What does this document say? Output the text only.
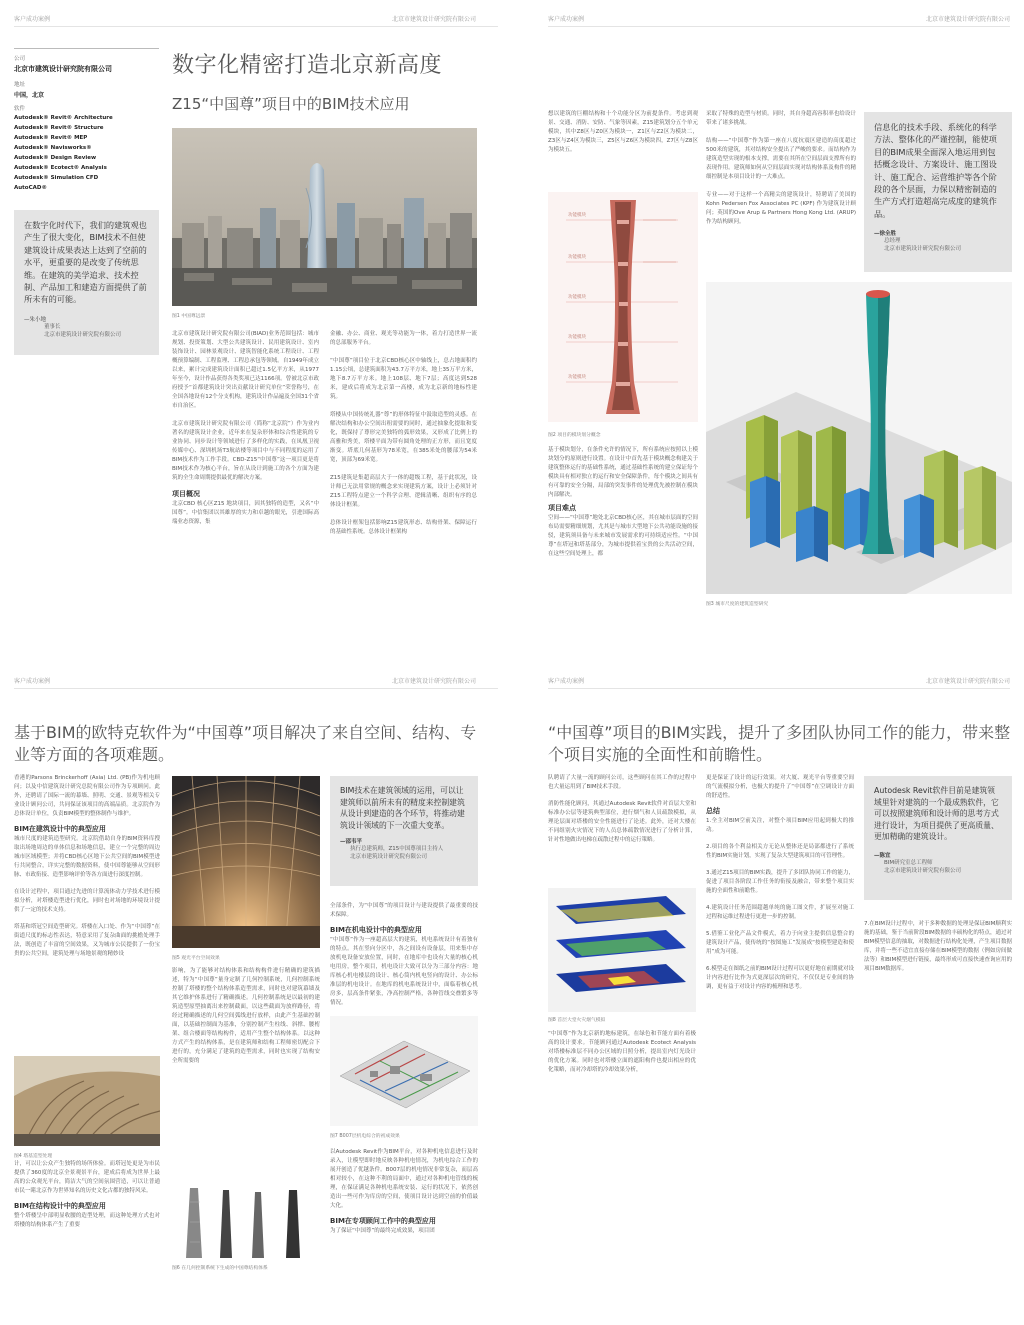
客户成功案例	北京市建筑设计研究院有限公司
公司
北京市建筑设计研究院有限公司
地址
中国，北京
软件
Autodesk® Revit® Architecture
Autodesk® Revit® Structure
Autodesk® Revit® MEP
Autodesk® Navisworks®
Autodesk® Design Review
Autodesk® Ecotect® Analysis
Autodesk® Simulation CFD
AutoCAD®
在数字化时代下，我们的建筑观也产生了很大变化，BIM技术不但使建筑设计成果表达上达到了空前的水平，更重要的是改变了传统思维。在建筑的美学追求、技术控制、产品加工和建造方面提供了前所未有的可能。
—朱小地
董事长
北京市建筑设计研究院有限公司
数字化精密打造北京新高度
Z15“中国尊”项目中的BIM技术应用
图1 中国尊远景

北京市建筑设计研究院有限公司(BIAD)业务范围包括：城市规划、投资策划、大型公共建筑设计、民用建筑设计、室内装饰设计、园林景观设计、建筑智能化系统工程设计、工程概预算编制、工程监理、工程总承包等领域。自1949年成立以来，累计完成建筑设计面积已超过1.5亿平方米，从1977年至今，设计作品获得各类奖项已达1166项。曾被北京市政府授予“首都建筑设计突出贡献设计研究单位”荣誉称号，在全国各地设有12个分支机构，建筑设计作品遍及全国31个省市自治区。

北京市建筑设计研究院有限公司（简称“北京院”）作为业内著名的建筑设计企业，近年来在复杂形体和综合性建筑的专业协同、同步设计等领域进行了多样化的实践，在凤凰卫视传媒中心、深圳机场T3航站楼等项目中与不同程度的运用了BIM技术作为工作手段。CBD-Z15“中国尊”这一项目更是将BIM技术作为核心平台，旨在从设计到施工的各个方面为建筑的全生命周期提供最优的解决方案。

项目概况

北京CBD 核心区Z15 地块项目，因其独特的造型，又名“中国尊”。中信集团以其雄厚的实力和卓越的眼光，引进国际高端业态资源，集

金融、办公、商业、观光等功能为一体，着力打造世界一流的总部服务平台。

“中国尊”项目位于北京CBD核心区中轴线上，总占地面积约1.15公顷，总建筑面积为43.7万平方米，地上35万平方米，地下8.7万平方米。地上108层、地下7层；高度达到528米，建成后将成为北京第一高楼，成为北京新的地标性建筑。

塔楼从中国传统礼器“尊”的形体特征中汲取造型的灵感。在解决结构和办公空间出租需要的同时，通过抽象化提取和变化，既保持了尊形完美独特的弧形效果，又形成了比例上的高雅和秀美，塔楼平面为带有圆角处理的正方形，而且宽度渐变。塔底几何基形为78米宽，在385米处的腰部为54米宽，顶部为69米宽。

Z15建筑是集超高层大于一体的超级工程，基于此状况，设计师已无法用常规的概念来实现建筑方案，设计上必须针对Z15工程特点建立一个科学合理、逻辑清晰、组织有序的总体设计框架。

总体设计框架包括影响Z15建筑形态、结构骨架、保障运行的基础性系统。总体设计框架构

客户成功案例	北京市建筑设计研究院有限公司

想以建筑的巨棚结构和十个功能分区为前提条件。考虑到观景、交通、消防、安防、气象等因素，Z15建筑划分五个单元模块，其中Z8区与Z0区为模块一，Z1区与Z2区为模块二，Z3区与Z4区为模块三，Z5区与Z6区为模块四，Z7区与Z8区为模块五。

功能模块
功能模块
功能模块
功能模块
功能模块
图2 项目的模块划分概念

基于模块划分，在条件允许的情况下，所有系统应按照以上模块划分的原则进行设置。在设计中首先基于模块概念构建关于建筑整体运行的基础性系统，通过基础性系统的建立保证每个模块具有相对独立的运行和安全保障条件，每个模块之间具有有可靠的安全分隔，局部的突发事件的处理优先被控制在模块内部解决。

项目难点

空间——“中国尊”地处北京CBD核心区，其在城市层面的空间布局需要精细规划，尤其是与城市大型地下公共功能设施的接驳，建筑须具备与未来城市发展需求的可持续适应性。“中国尊”在塔冠和塔基部分，为城市提供着宝贵的公共活动空间，在这些空间处理上，都

采取了特殊的造型与材质。同时，其自身超高容积率也给设计带来了诸多挑战。

结构——“中国尊”作为第一座在八度抗震区建造的高度超过500米的建筑，其对结构安全提出了严峻的要求。而结构作为建筑造型实现的根本支撑，需要在其所在空间层面支撑所有的表现作用。建筑师如何从空间层面实现对结构体系及构件的精细控制是本项目设计的一大难点。

专业——对于这样一个高精尖的建筑设计，特聘请了美国的Kohn Pedersen Fox Associates PC (KPF) 作为建筑设计顾问；英国的Ove Arup & Partners Hong Kong Ltd. (ARUP)作为结构顾问。

信息化的技术手段、系统化的科学方法、整体化的严谨控制，能使项目的BIM成果全面深入地运用到包括概念设计、方案设计、施工图设计、施工配合、运营维护等各个阶段的各个层面，力保以精密制造的生产方式打造超高完成度的建筑作品。
—徐全胜
总经理
北京市建筑设计研究院有限公司
图3 城市尺度的建筑造型研究
客户成功案例	北京市建筑设计研究院有限公司
基于BIM的欧特克软件为“中国尊”项目解决了来自空间、结构、专业等方面的各项难题。

香港的Parsons Brinckerhoff (Asia) Ltd. (PB)作为机电顾问；以及中信建筑设计研究总院有限公司作为专项顾问。此外，还聘请了国际一流的幕墙、照明、交通、景观等相关专业设计顾问公司，共同保证该项目的高端品质。北京院作为总体设计单位，负责BIM模型的整体制作与维护。

BIM在建筑设计中的典型应用

城市尺度的建筑造型研究。北京院借助自身的BIM资料库搜取出场地周边的单体信息和场地信息，建立一个完整的周边城市区域模型；并将CBD核心区地下公共空间的BIM模型进行共同整合，详实完整的数据资料，使中国尊能够从空间形脉、市政衔接、造型影响评价等各方面进行深度控制。

在设计过程中，项目通过先进的计算流体动力学技术进行模拟分析，对塔楼造型进行优化，同时也对场地的环境设计提供了一定的技术支持。

塔基和塔冠空间造型研究。塔楼在入口处、作为“中国尊”在街道尺度的标志性表达，特意采用了复杂曲面的挑檐处理手法，既创造了丰富的空间效果，又为城市公民提供了一份宝贵的公共空间，建筑处理与场地景观的精妙设

图4 塔基造型处理

计，可以让公众产生独特的场所体验。而塔冠处更是为市民提供了360度的北京全景观景平台，建成后将成为世界上最高的公众观光平台，简洁大气的空间氛围营造，可以让普通市民一睹北京作为世界知名的历史文化古都的独特风采。

BIM在结构设计中的典型应用

整个塔楼呈中部明显收腰的造型处理，而这种处理方式也对塔楼的结构体系产生了重要

图5 观光平台空间效果

影响，为了能够对结构体系和结构构件进行精确的建筑描述，特为“中国尊”量身定制了几何控制系统，几何控制系统控制了塔楼的整个结构体系造型需求，同时也对建筑幕墙及其它维护体系进行了精确描述。几何控制系统是以最初的建筑造型原型抽离出来控制截面，以这些截面为放样路径，将经过精确描述的几何空间弧线进行放样，由此产生基础控制面，以基础控制面为基准，分别控制产生柱线、斜撑、腰桁架、组合楼面等结构构件，适用产生整个结构体系。以这种方式产生的结构体系，是在建筑师和结构工程师密切配合下进行的，充分满足了建筑的造型需求，同时也实现了结构安全所需要的

图6 在几何控制系统下生成的中国尊结构体系
BIM技术在建筑领域的运用，可以让建筑师以前所未有的精度来控制建筑从设计到建造的各个环节，将推动建筑设计领域的下一次重大变革。
—邵韦平
执行总建筑师，Z15中国尊项目主持人
北京市建筑设计研究院有限公司

全部条件，为“中国尊”的项目设计与建设提供了最重要的技术保障。

BIM在机电设计中的典型应用

“中国尊”作为一座超高层大的建筑，机电系统设计有着独有的特点。其在竖向分区中，各之间设有设备层，用来集中存放机电设备安放位置，同时，在地库中也设有大量的核心机电用房，整个项目，机电设计大致可以分为三部分内容：地库核心机电楼层的设计、核心筒内机电竖向的设计、办公标准层的机电设计。在地库的机电系统设计中，面临着核心机房多，层高条件紧张，净高控制严格，各种管线交叠繁多等情况。

图7 B007层机电综合的初成效果

以Autodesk Revit作为BIM平台，对各种机电信息进行及时录入，让模型即时地反映各种机电情况，为机电综合工作的展开创造了优越条件。B007层的机电情况非常复杂，而层高相对较小，在这种不利的局面中，通过对各种机电管线的梳理，在保证满足各种机电系统安装、运行的状况下，依然创造出一些可作为库房的空间，使项目设计达到空前的价值最大化。

BIM在专项顾问工作中的典型应用

为了保证“中国尊”的最终完成效果，项目团

客户成功案例	北京市建筑设计研究院有限公司
“中国尊”项目的BIM实践，提升了多团队协同工作的能力，带来整个项目实施的全面性和前瞻性。

队聘请了大量一流的顾问公司，这些顾问在其工作的过程中也大量运用到了BIM技术手段。

消防性能化顾问，其通过Autodesk Revit软件对首层大堂和标准办公层等建筑典型部位，进行烟气和人员疏散模拟，从理论层面对塔楼的安全性能进行了论述。此外，还对大楼在不同组别火灾情况下的人员总体疏散情况进行了分析计算，针对性地做出电梯在疏散过程中的运行策略。

图8 首层大堂火灾烟气模拟

“中国尊”作为北京新的地标建筑，在绿色和节能方面有着极高的设计要求。节能顾问通过Autodesk Ecotect Analysis对塔楼标准层不同办公区域的日照分析，提出室内灯光设计的优化方案。同时也对塔楼立面的遮阳构件也提出相应的优化策略，而对冷却塔的冷却效果分析，

更是保证了设计的运行效果。对大厦、观光平台等重要空间的气流模拟分析，也极大的提升了“中国尊”在空调设计方面的舒适性。

总结

1.全主对BIM空前关注，对整个项目BIM应用起到极大的推动。

2.项目的各个利益相关方无论从整体还是局部都进行了系统性的BIM实施计划，实现了复杂大型建筑项目的可管理性。

3.通过Z15项目的BIM实践，提升了多团队协同工作的能力，促进了项目各阶段工作任务的衔接及融合，带来整个项目实施的全面性和前瞻性。

4.建筑设计任务范围超越单纯的施工图文件，扩展至对施工过程和运维过程进行更进一步的控制。

5.借鉴工业化产品文件模式，着力于向业主提供信息整合的建筑设计产品，使传统的“按图施工”发展成“按模型建造和使用”成为可能。

6.模型走在图纸之前的BIM设计过程可以更好地在前期就对设计内容进行比作为式更深层次的研究，不仅仅是专业间的协调，更有益于对设计内容的梳理和思考。

Autodesk Revit软件目前是建筑领域里针对建筑的一个最成熟软件，它可以按照建筑师和设计师的思考方式进行设计，为项目提供了更高质量、更加精确的建筑设计。
—陈宜
BIM研究室总工程师
北京市建筑设计研究院有限公司

7.在BIM设计过程中，对于多种数据的处理是保证BIM顺利实施的基础，鉴于当前阶段BIM数据的丰硕构化的特点，通过对BIM模型信息的抽取，对数据进行结构化处理，产生项目数据库，并将一些不适宜直接存储在BIM模型的数据（例如房间做法等）和BIM模型进行链接，最终形成可直接快速查询应用的项目BIM数据库。
